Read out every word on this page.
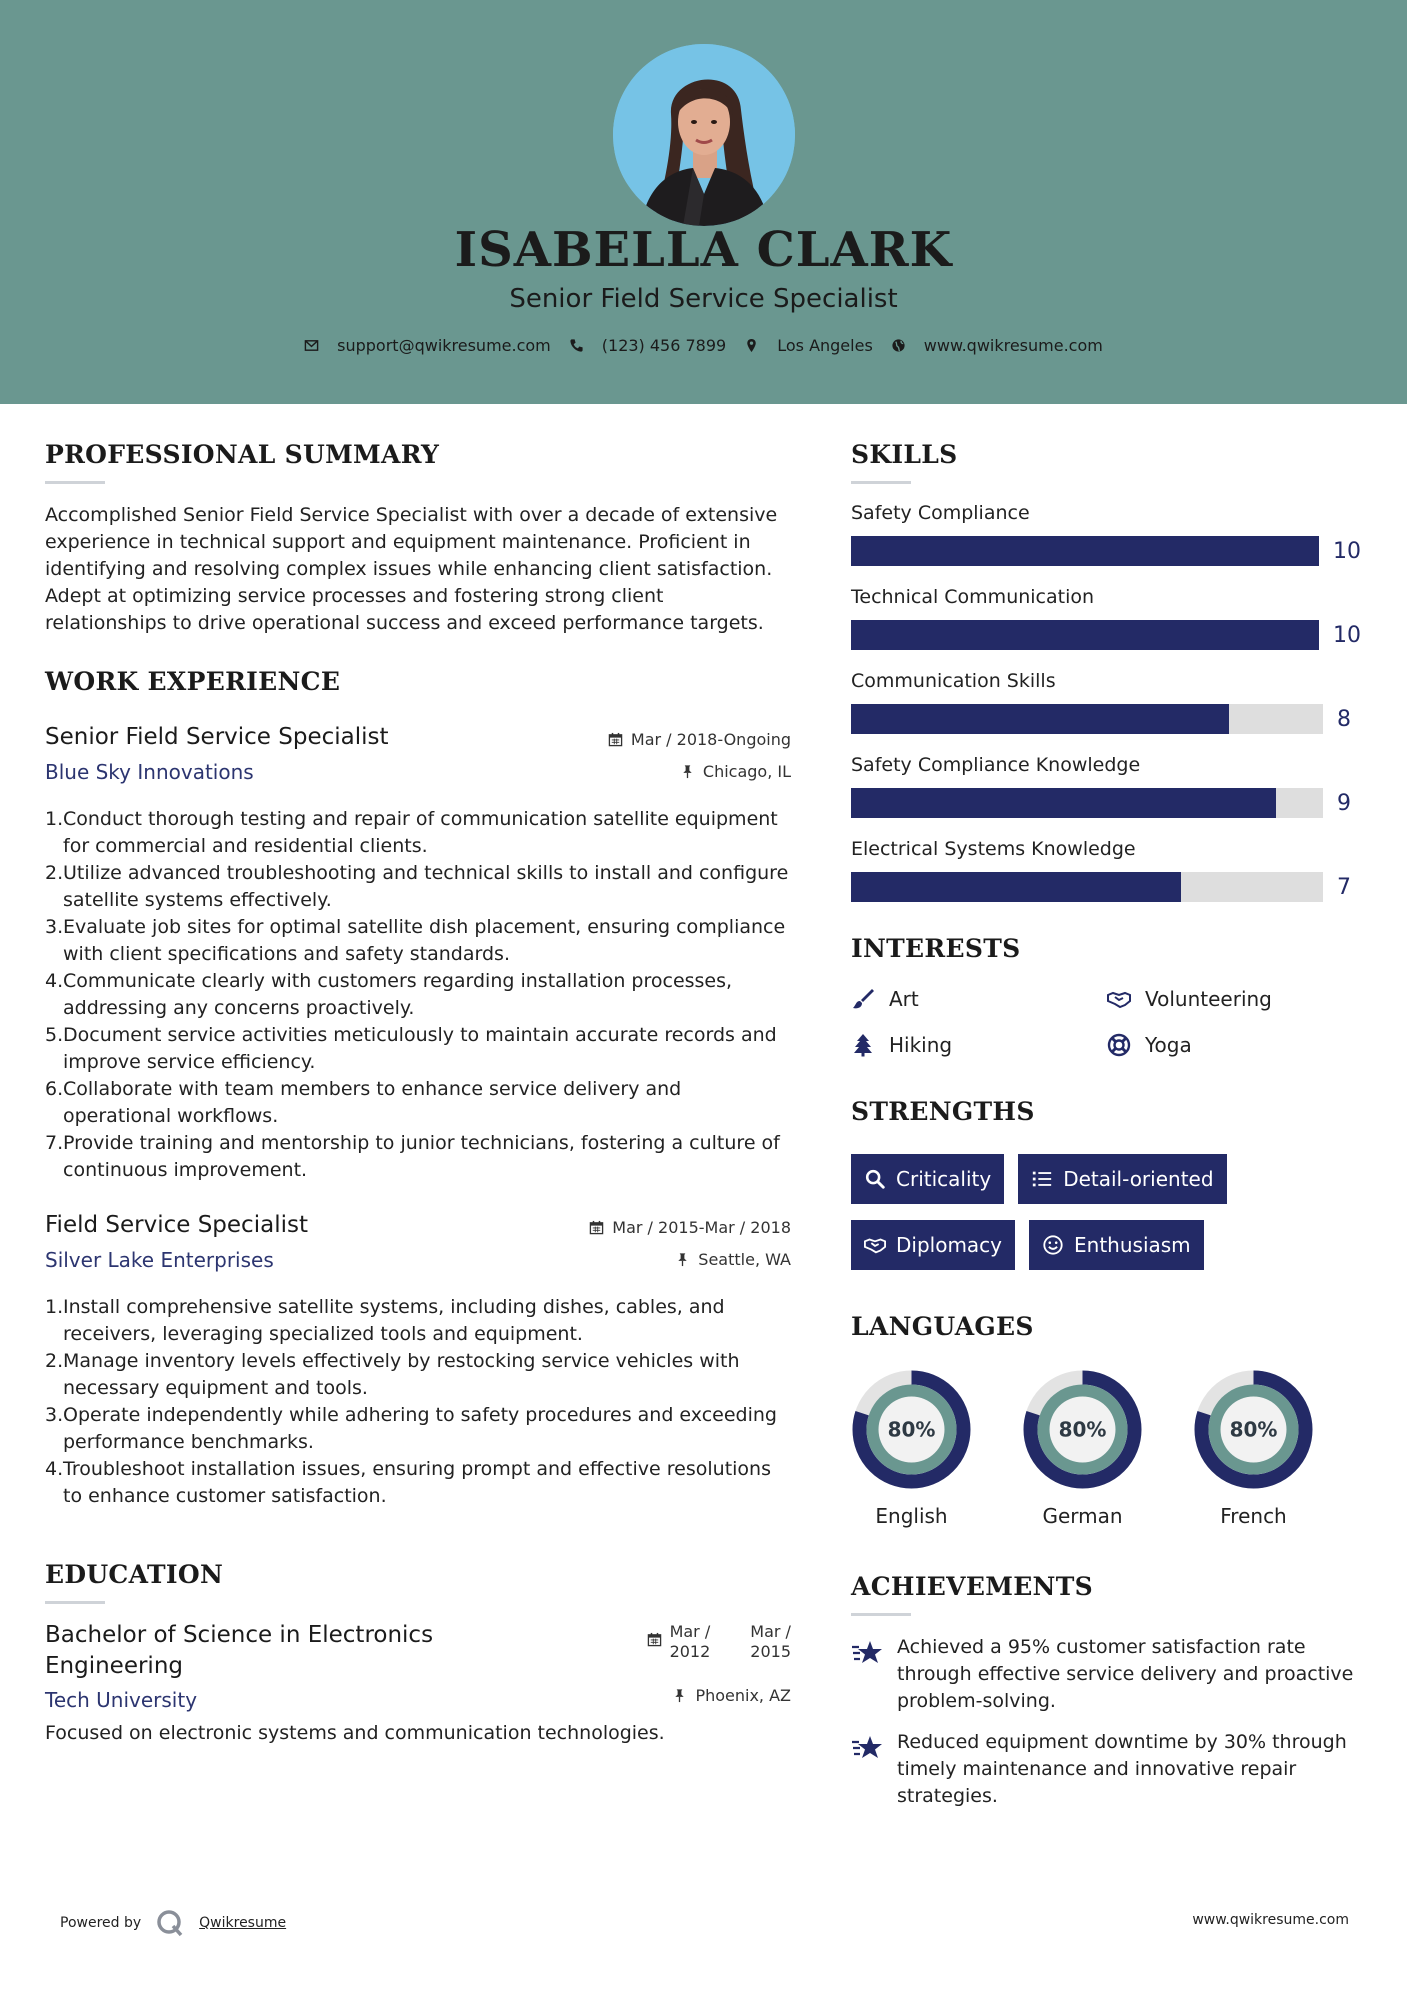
ISABELLA CLARK
Senior Field Service Specialist
support@qwikresume.com	(123) 456 7899	Los Angeles	www.qwikresume.com
PROFESSIONAL SUMMARY

Accomplished Senior Field Service Specialist with over a decade of extensive experience in technical support and equipment maintenance. Proficient in identifying and resolving complex issues while enhancing client satisfaction. Adept at optimizing service processes and fostering strong client relationships to drive operational success and exceed performance targets.

WORK EXPERIENCE
Mar / 2018-Ongoing
Chicago, IL
Senior Field Service Specialist
Blue Sky Innovations
1. Conduct thorough testing and repair of communication satellite equipment for commercial and residential clients.
2. Utilize advanced troubleshooting and technical skills to install and configure satellite systems effectively.
3. Evaluate job sites for optimal satellite dish placement, ensuring compliance with client specifications and safety standards.
4. Communicate clearly with customers regarding installation processes, addressing any concerns proactively.
5. Document service activities meticulously to maintain accurate records and improve service efficiency.
6. Collaborate with team members to enhance service delivery and operational workflows.
7. Provide training and mentorship to junior technicians, fostering a culture of continuous improvement.
Mar / 2015-Mar / 2018
Seattle, WA
Field Service Specialist
Silver Lake Enterprises
1. Install comprehensive satellite systems, including dishes, cables, and receivers, leveraging specialized tools and equipment.
2. Manage inventory levels effectively by restocking service vehicles with necessary equipment and tools.
3. Operate independently while adhering to safety procedures and exceeding performance benchmarks.
4. Troubleshoot installation issues, ensuring prompt and effective resolutions to enhance customer satisfaction.
EDUCATION
Mar /
2012
Mar /
2015
Phoenix, AZ
Bachelor of Science in Electronics
Engineering
Tech University

Focused on electronic systems and communication technologies.

SKILLS
Safety Compliance
10
Technical Communication
10
Communication Skills
8
Safety Compliance Knowledge
9
Electrical Systems Knowledge
7
INTERESTS
Art	Volunteering
Hiking	Yoga
STRENGTHS
Criticality	Detail-oriented
Diplomacy	Enthusiasm
LANGUAGES
80%
English
80%
German
80%
French
ACHIEVEMENTS
Achieved a 95% customer satisfaction rate through effective service delivery and proactive problem-solving.
Reduced equipment downtime by 30% through timely maintenance and innovative repair strategies.
Powered by	Qwikresume	www.qwikresume.com
